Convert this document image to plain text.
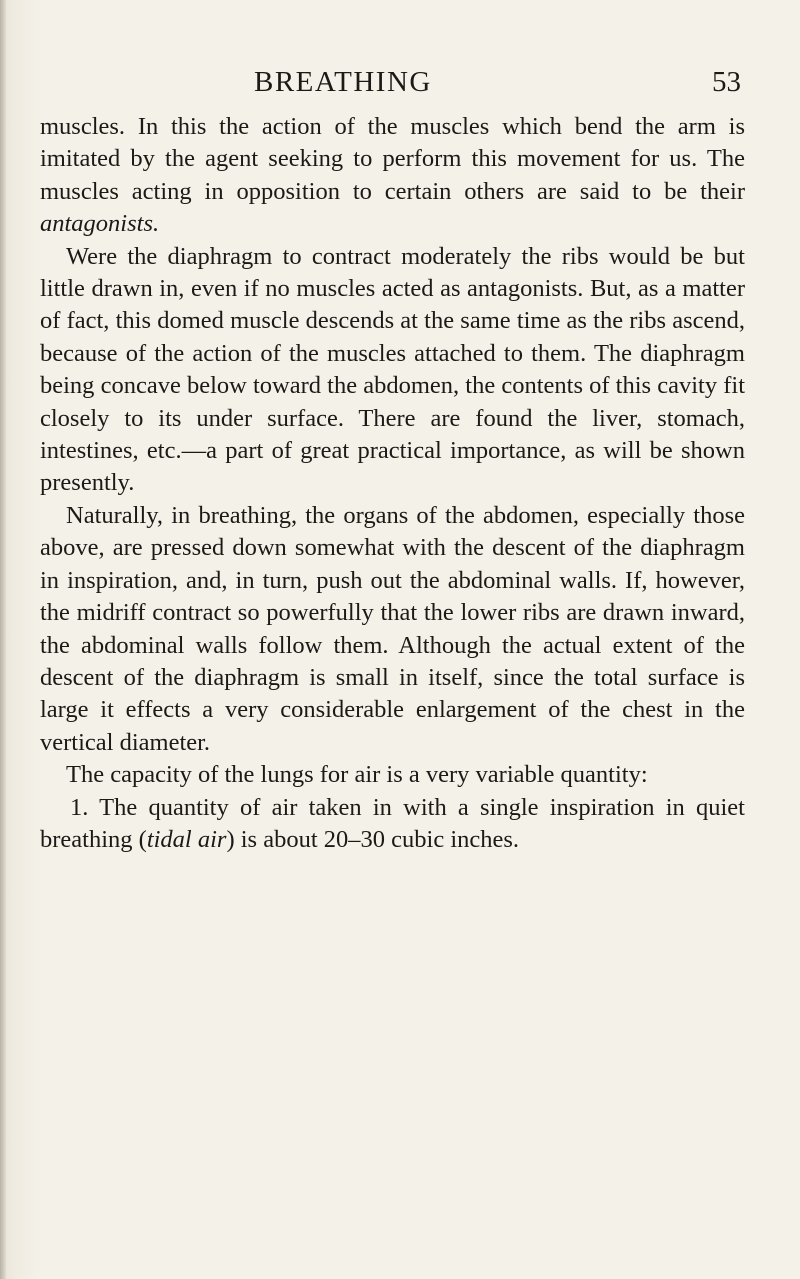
BREATHING	53

muscles. In this the action of the muscles which bend the arm is imitated by the agent seeking to perform this movement for us. The muscles acting in opposition to certain others are said to be their antagonists.

Were the diaphragm to contract moderately the ribs would be but little drawn in, even if no muscles acted as antagonists. But, as a matter of fact, this domed muscle descends at the same time as the ribs ascend, because of the action of the muscles attached to them. The diaphragm being concave below toward the abdomen, the contents of this cavity fit closely to its under surface. There are found the liver, stomach, intestines, etc.—a part of great practical importance, as will be shown presently.

Naturally, in breathing, the organs of the abdomen, especially those above, are pressed down somewhat with the descent of the diaphragm in inspiration, and, in turn, push out the abdominal walls. If, however, the midriff contract so powerfully that the lower ribs are drawn inward, the abdominal walls follow them. Although the actual extent of the descent of the diaphragm is small in itself, since the total surface is large it effects a very considerable enlargement of the chest in the vertical diameter.

The capacity of the lungs for air is a very variable quantity:

1. The quantity of air taken in with a single inspiration in quiet breathing (tidal air) is about 20–30 cubic inches.
